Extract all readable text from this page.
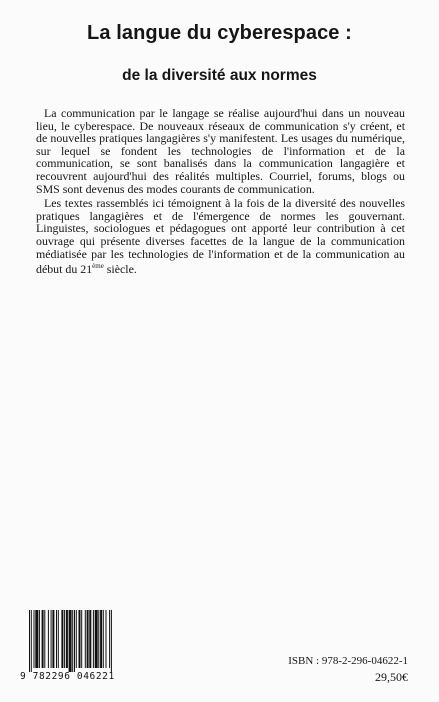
La langue du cyberespace :
de la diversité aux normes

La communication par le langage se réalise aujourd'hui dans un nouveau lieu, le cyberespace. De nouveaux réseaux de communication s'y créent, et de nouvelles pratiques langagières s'y manifestent. Les usages du numérique, sur lequel se fondent les technologies de l'information et de la communication, se sont banalisés dans la communication langagière et recouvrent aujourd'hui des réalités multiples. Courriel, forums, blogs ou SMS sont devenus des modes courants de communication.

Les textes rassemblés ici témoignent à la fois de la diversité des nouvelles pratiques langagières et de l'émergence de normes les gouvernant. Linguistes, sociologues et pédagogues ont apporté leur contribution à cet ouvrage qui présente diverses facettes de la langue de la communication médiatisée par les technologies de l'information et de la communication au début du 21ème siècle.

9 782296 046221
ISBN : 978-2-296-04622-1
29,50€
